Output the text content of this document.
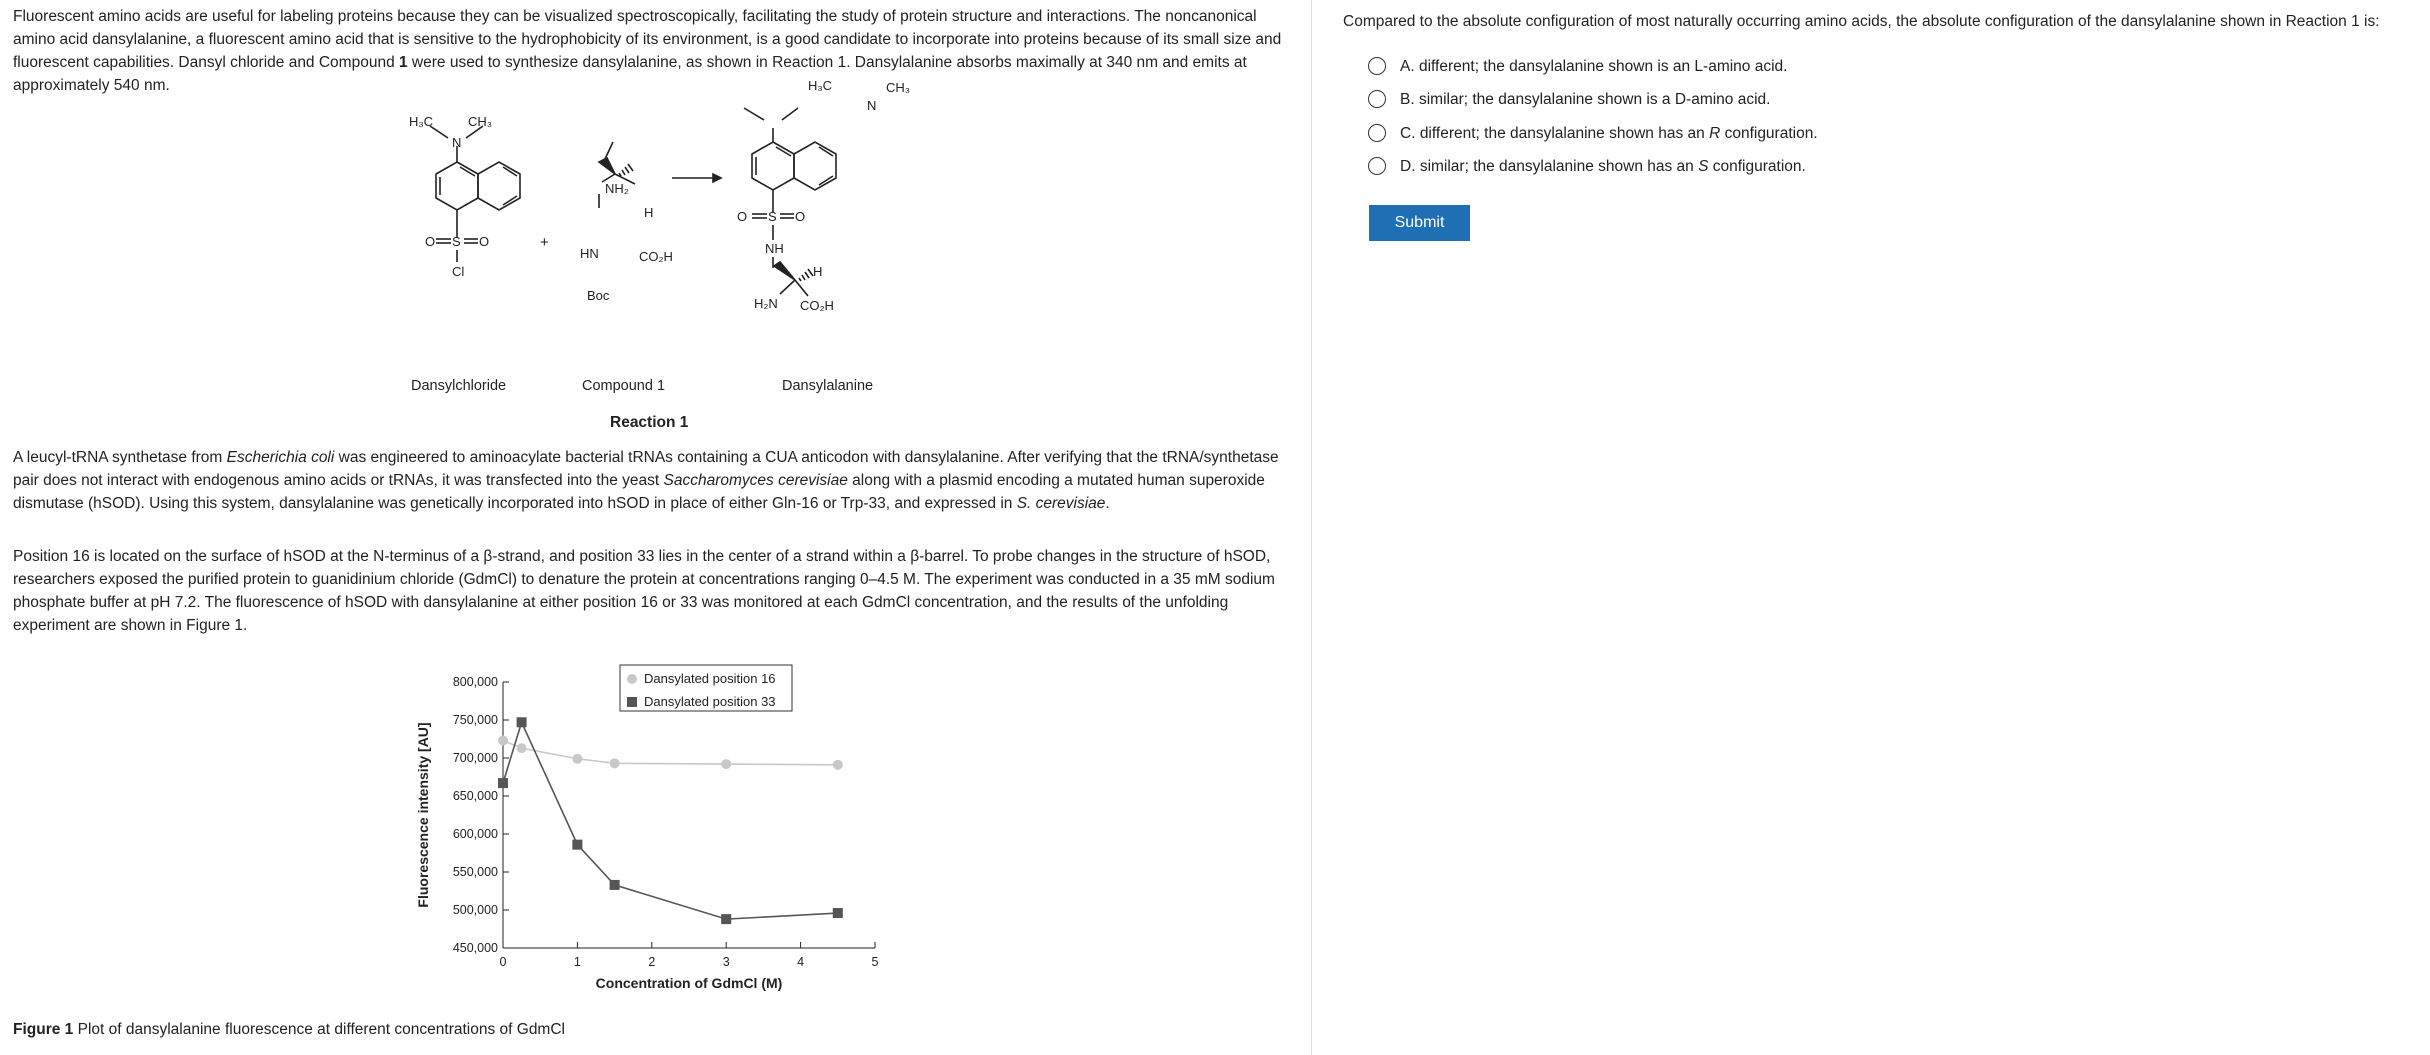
Fluorescent amino acids are useful for labeling proteins because they can be visualized spectroscopically, facilitating the study of protein structure and interactions. The noncanonical amino acid dansylalanine, a fluorescent amino acid that is sensitive to the hydrophobicity of its environment, is a good candidate to incorporate into proteins because of its small size and fluorescent capabilities. Dansyl chloride and Compound 1 were used to synthesize dansylalanine, as shown in Reaction 1. Dansylalanine absorbs maximally at 340 nm and emits at approximately 540 nm.

H₃C	CH₃
N
O S O
Cl
+
NH₂
H
HN	CO₂H
Boc
H₃C	CH₃
N
O S O
NH
H
H₂N CO₂H
Dansylchloride	Compound 1	Dansylalanine
Reaction 1

A leucyl-tRNA synthetase from Escherichia coli was engineered to aminoacylate bacterial tRNAs containing a CUA anticodon with dansylalanine. After verifying that the tRNA/synthetase pair does not interact with endogenous amino acids or tRNAs, it was transfected into the yeast Saccharomyces cerevisiae along with a plasmid encoding a mutated human superoxide dismutase (hSOD). Using this system, dansylalanine was genetically incorporated into hSOD in place of either Gln-16 or Trp-33, and expressed in S. cerevisiae.

Position 16 is located on the surface of hSOD at the N-terminus of a β-strand, and position 33 lies in the center of a strand within a β-barrel. To probe changes in the structure of hSOD, researchers exposed the purified protein to guanidinium chloride (GdmCl) to denature the protein at concentrations ranging 0–4.5 M. The experiment was conducted in a 35 mM sodium phosphate buffer at pH 7.2. The fluorescence of hSOD with dansylalanine at either position 16 or 33 was monitored at each GdmCl concentration, and the results of the unfolding experiment are shown in Figure 1.

450,000
500,000
550,000
600,000
650,000
700,000
750,000
800,000
0	1	2	3	4	5
Concentration of GdmCl (M)
Fluorescence intensity [AU]
Dansylated position 16
Dansylated position 33

Figure 1 Plot of dansylalanine fluorescence at different concentrations of GdmCl

Compared to the absolute configuration of most naturally occurring amino acids, the absolute configuration of the dansylalanine shown in Reaction 1 is:

A. different; the dansylalanine shown is an L-amino acid.
B. similar; the dansylalanine shown is a D-amino acid.
C. different; the dansylalanine shown has an R configuration.
D. similar; the dansylalanine shown has an S configuration.
Submit
